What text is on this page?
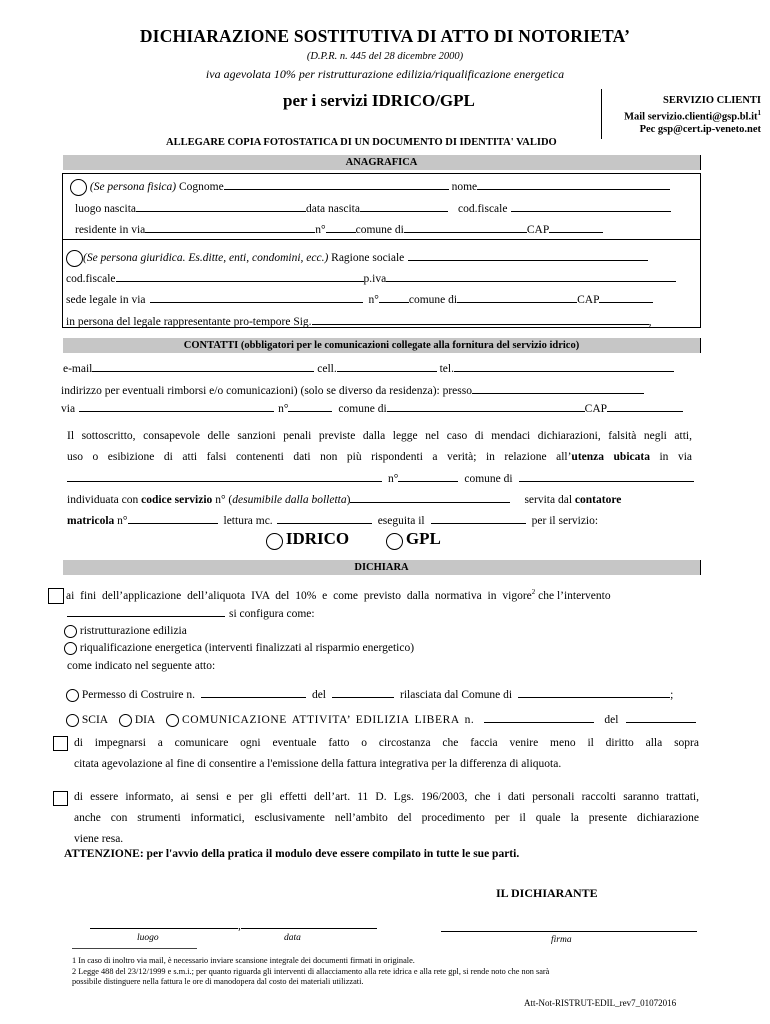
DICHIARAZIONE SOSTITUTIVA DI ATTO DI NOTORIETA’
(D.P.R. n. 445 del 28 dicembre 2000)
iva agevolata 10% per ristrutturazione edilizia/riqualificazione energetica
per i servizi IDRICO/GPL	SERVIZIO CLIENTI
Mail $servizio.clienti@gsp.bl.it^1$
Pec gsp@cert.ip-veneto.net
ALLEGARE COPIA FOTOSTATICA DI UN DOCUMENTO DI IDENTITA' VALIDO
ANAGRAFICA
(Se persona fisica) Cognome	nome
luogo nascita	data nascita	cod.fiscale
residente in via	n°	comune di	CAP
(Se persona giuridica. Es.ditte, enti, condomini, ecc.) Ragione sociale
cod.fiscale	p.iva
sede legale in via	n°	comune di	CAP
in persona del legale rappresentante pro-tempore Sig.	,
CONTATTI (obbligatori per le comunicazioni collegate alla fornitura del servizio idrico)
e-mail	cell.	tel.
indirizzo per eventuali rimborsi e/o comunicazioni) (solo se diverso da residenza): presso
via	n°	comune di	CAP
Il sottoscritto, consapevole delle sanzioni penali previste dalla legge nel caso di mendaci dichiarazioni, falsità negli atti,
uso o esibizione di atti falsi contenenti dati non più rispondenti a verità; in relazione all’utenza ubicata in via
n°	comune di
individuata con codice servizio n° (desumibile dalla bolletta)	servita dal contatore
matricola n°	lettura mc.	eseguita il	per il servizio:
IDRICO	GPL
DICHIARA
ai fini dell’applicazione dell’aliquota IVA del 10% e come previsto dalla normativa in vigore$^2$ che l’intervento
si configura come:
ristrutturazione edilizia
riqualificazione energetica (interventi finalizzati al risparmio energetico)
come indicato nel seguente atto:
Permesso di Costruire n.	del	rilasciata dal Comune di	;
SCIA DIA COMUNICAZIONE ATTIVITA’ EDILIZIA LIBERA n.	del
di impegnarsi a comunicare ogni eventuale fatto o circostanza che faccia venire meno il diritto alla sopra
citata agevolazione al fine di consentire a l'emissione della fattura integrativa per la differenza di aliquota.
di essere informato, ai sensi e per gli effetti dell’art. 11 D. Lgs. 196/2003, che i dati personali raccolti saranno trattati,
anche con strumenti informatici, esclusivamente nell’ambito del procedimento per il quale la presente dichiarazione
viene resa.
ATTENZIONE: per l'avvio della pratica il modulo deve essere compilato in tutte le sue parti.
IL DICHIARANTE
,
luogo	data	firma
1 In caso di inoltro via mail, è necessario inviare scansione integrale dei documenti firmati in originale.
2 Legge 488 del 23/12/1999 e s.m.i.; per quanto riguarda gli interventi di allacciamento alla rete idrica e alla rete gpl, si rende noto che non sarà
possibile distinguere nella fattura le ore di manodopera dal costo dei materiali utilizzati.
Att-Not-RISTRUT-EDIL_rev7_01072016
